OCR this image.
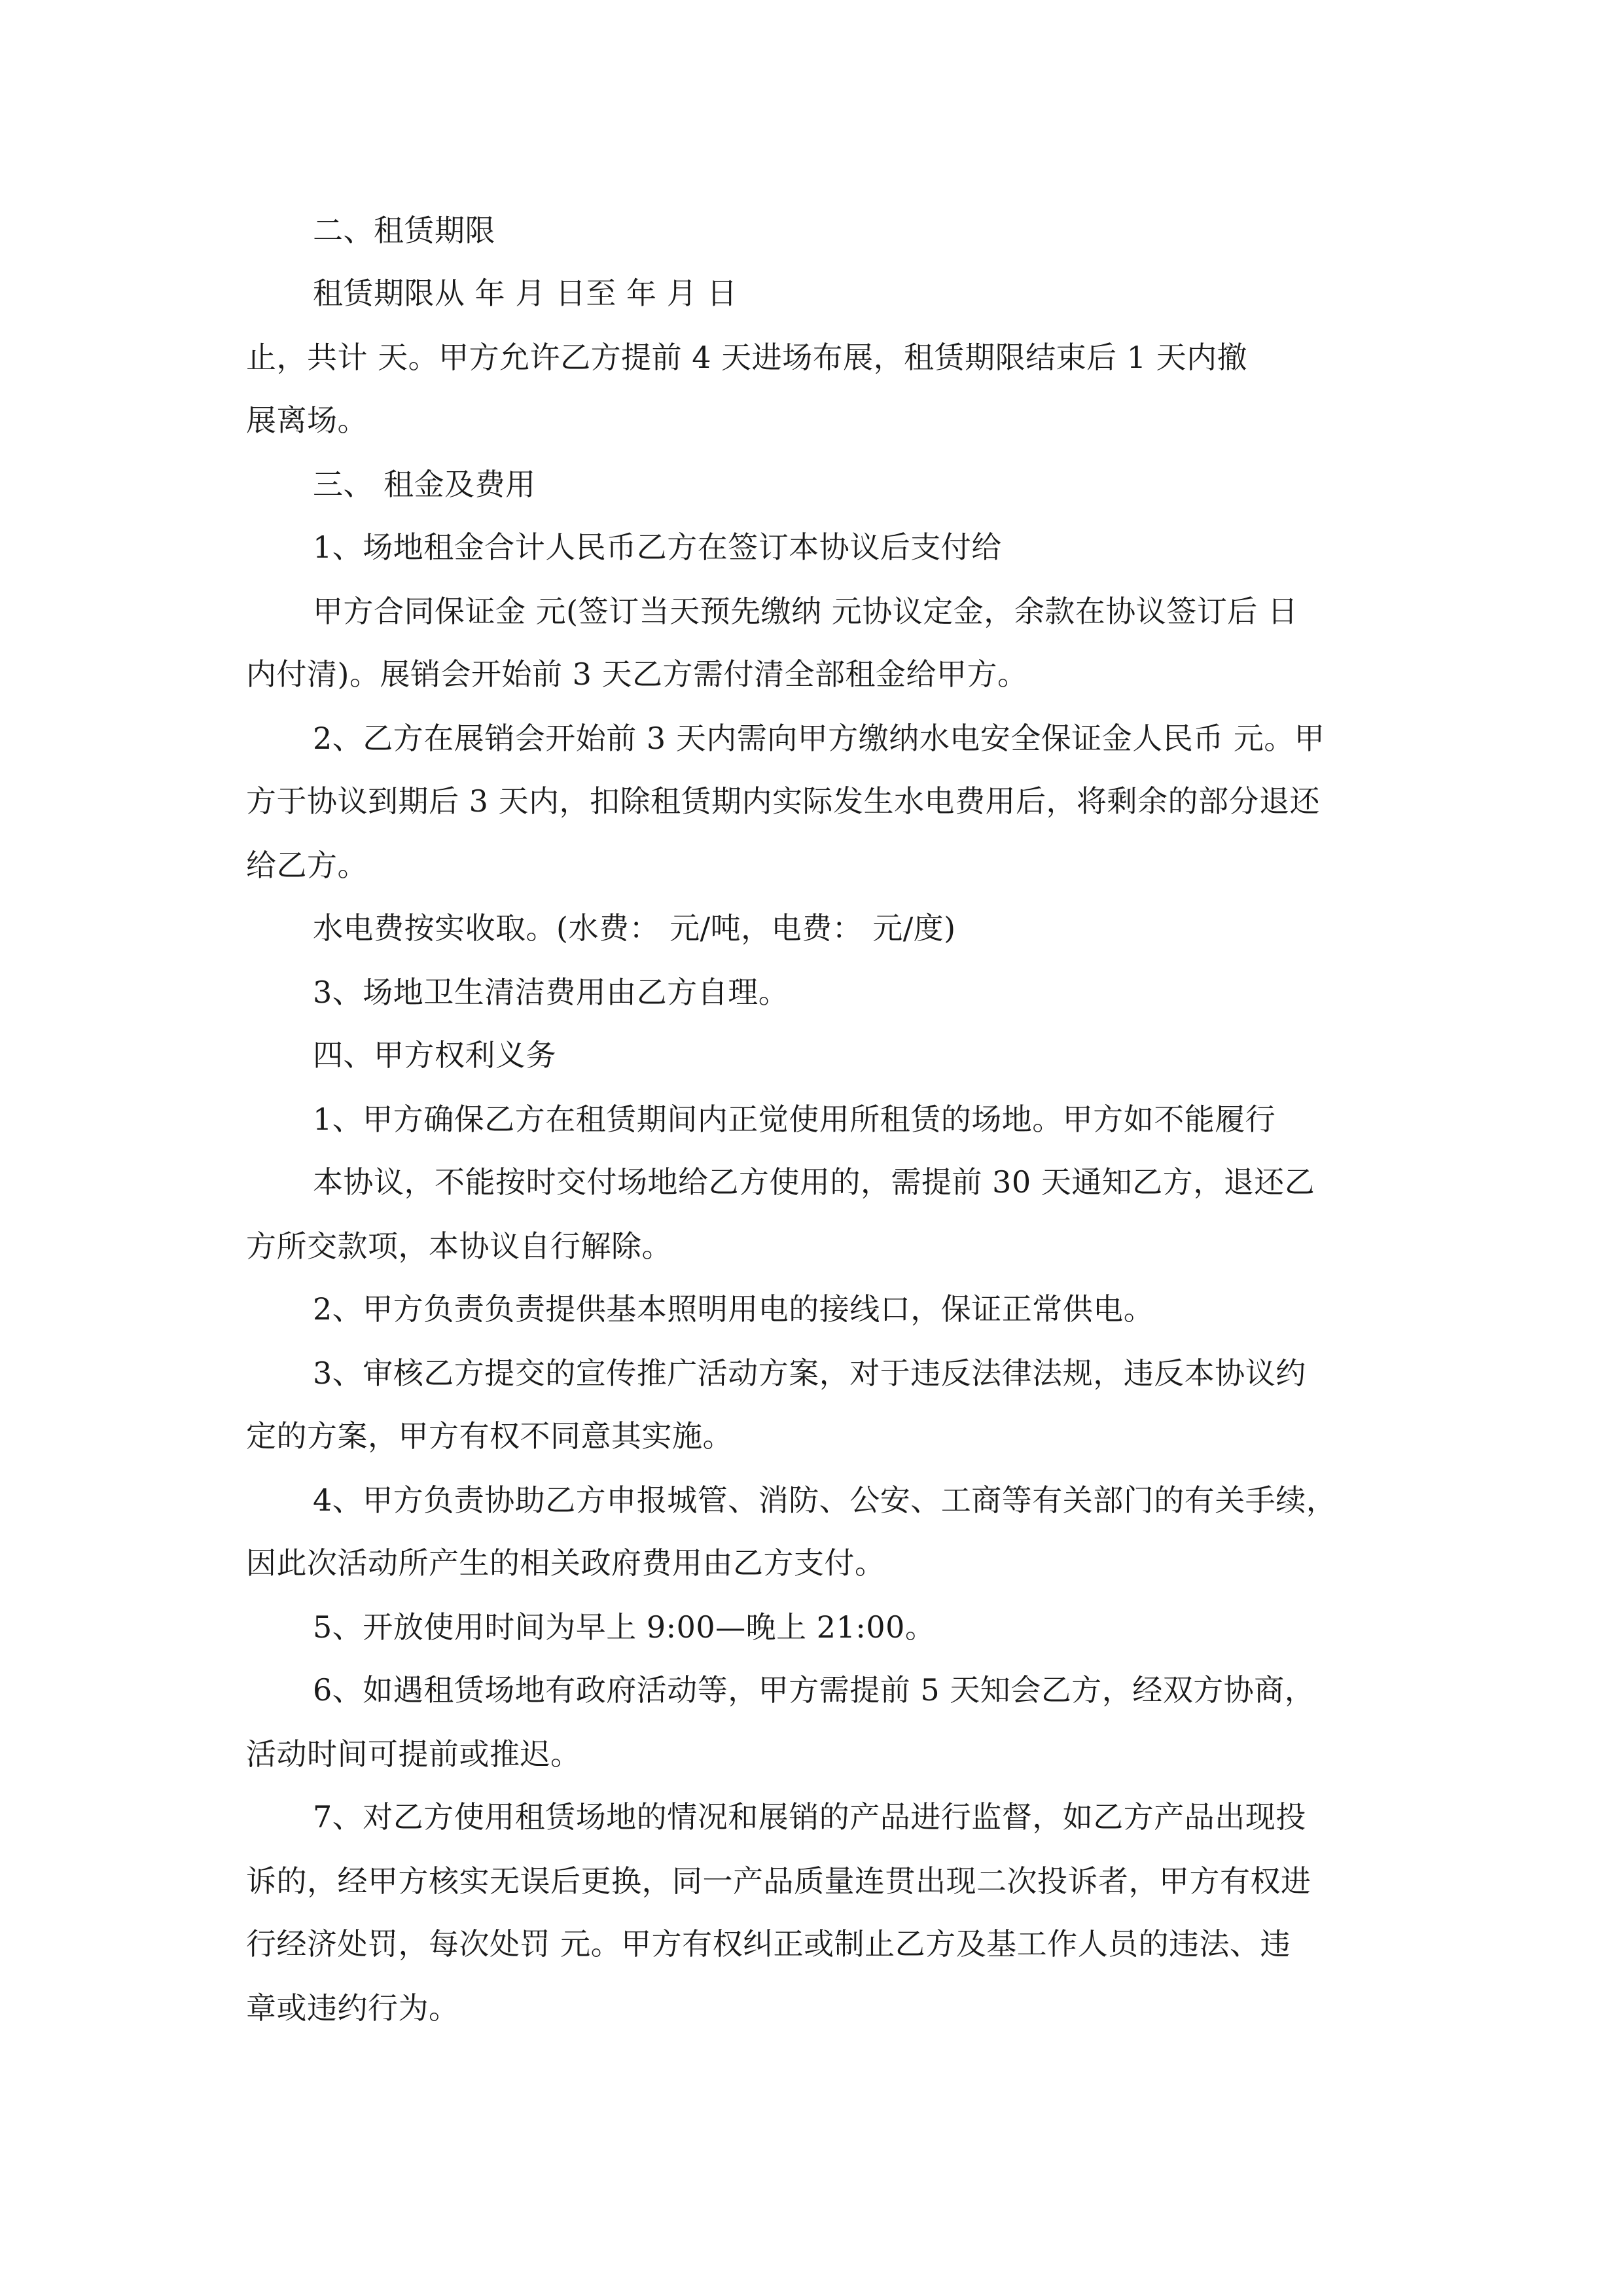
二、租赁期限
租赁期限从 年 月 日至 年 月 日
止，共计 天。甲方允许乙方提前 4 天进场布展，租赁期限结束后 1 天内撤
展离场。
三、 租金及费用
1、场地租金合计人民币乙方在签订本协议后支付给
甲方合同保证金 元(签订当天预先缴纳 元协议定金，余款在协议签订后 日
内付清)。展销会开始前 3 天乙方需付清全部租金给甲方。
2、乙方在展销会开始前 3 天内需向甲方缴纳水电安全保证金人民币 元。甲
方于协议到期后 3 天内，扣除租赁期内实际发生水电费用后，将剩余的部分退还
给乙方。
水电费按实收取。(水费： 元/吨，电费： 元/度)
3、场地卫生清洁费用由乙方自理。
四、甲方权利义务
1、甲方确保乙方在租赁期间内正觉使用所租赁的场地。甲方如不能履行
本协议，不能按时交付场地给乙方使用的，需提前 30 天通知乙方，退还乙
方所交款项，本协议自行解除。
2、甲方负责负责提供基本照明用电的接线口，保证正常供电。
3、审核乙方提交的宣传推广活动方案，对于违反法律法规，违反本协议约
定的方案，甲方有权不同意其实施。
4、甲方负责协助乙方申报城管、消防、公安、工商等有关部门的有关手续，
因此次活动所产生的相关政府费用由乙方支付。
5、开放使用时间为早上 9:00—晚上 21:00。
6、如遇租赁场地有政府活动等，甲方需提前 5 天知会乙方，经双方协商，
活动时间可提前或推迟。
7、对乙方使用租赁场地的情况和展销的产品进行监督，如乙方产品出现投
诉的，经甲方核实无误后更换，同一产品质量连贯出现二次投诉者，甲方有权进
行经济处罚，每次处罚 元。甲方有权纠正或制止乙方及基工作人员的违法、违
章或违约行为。
